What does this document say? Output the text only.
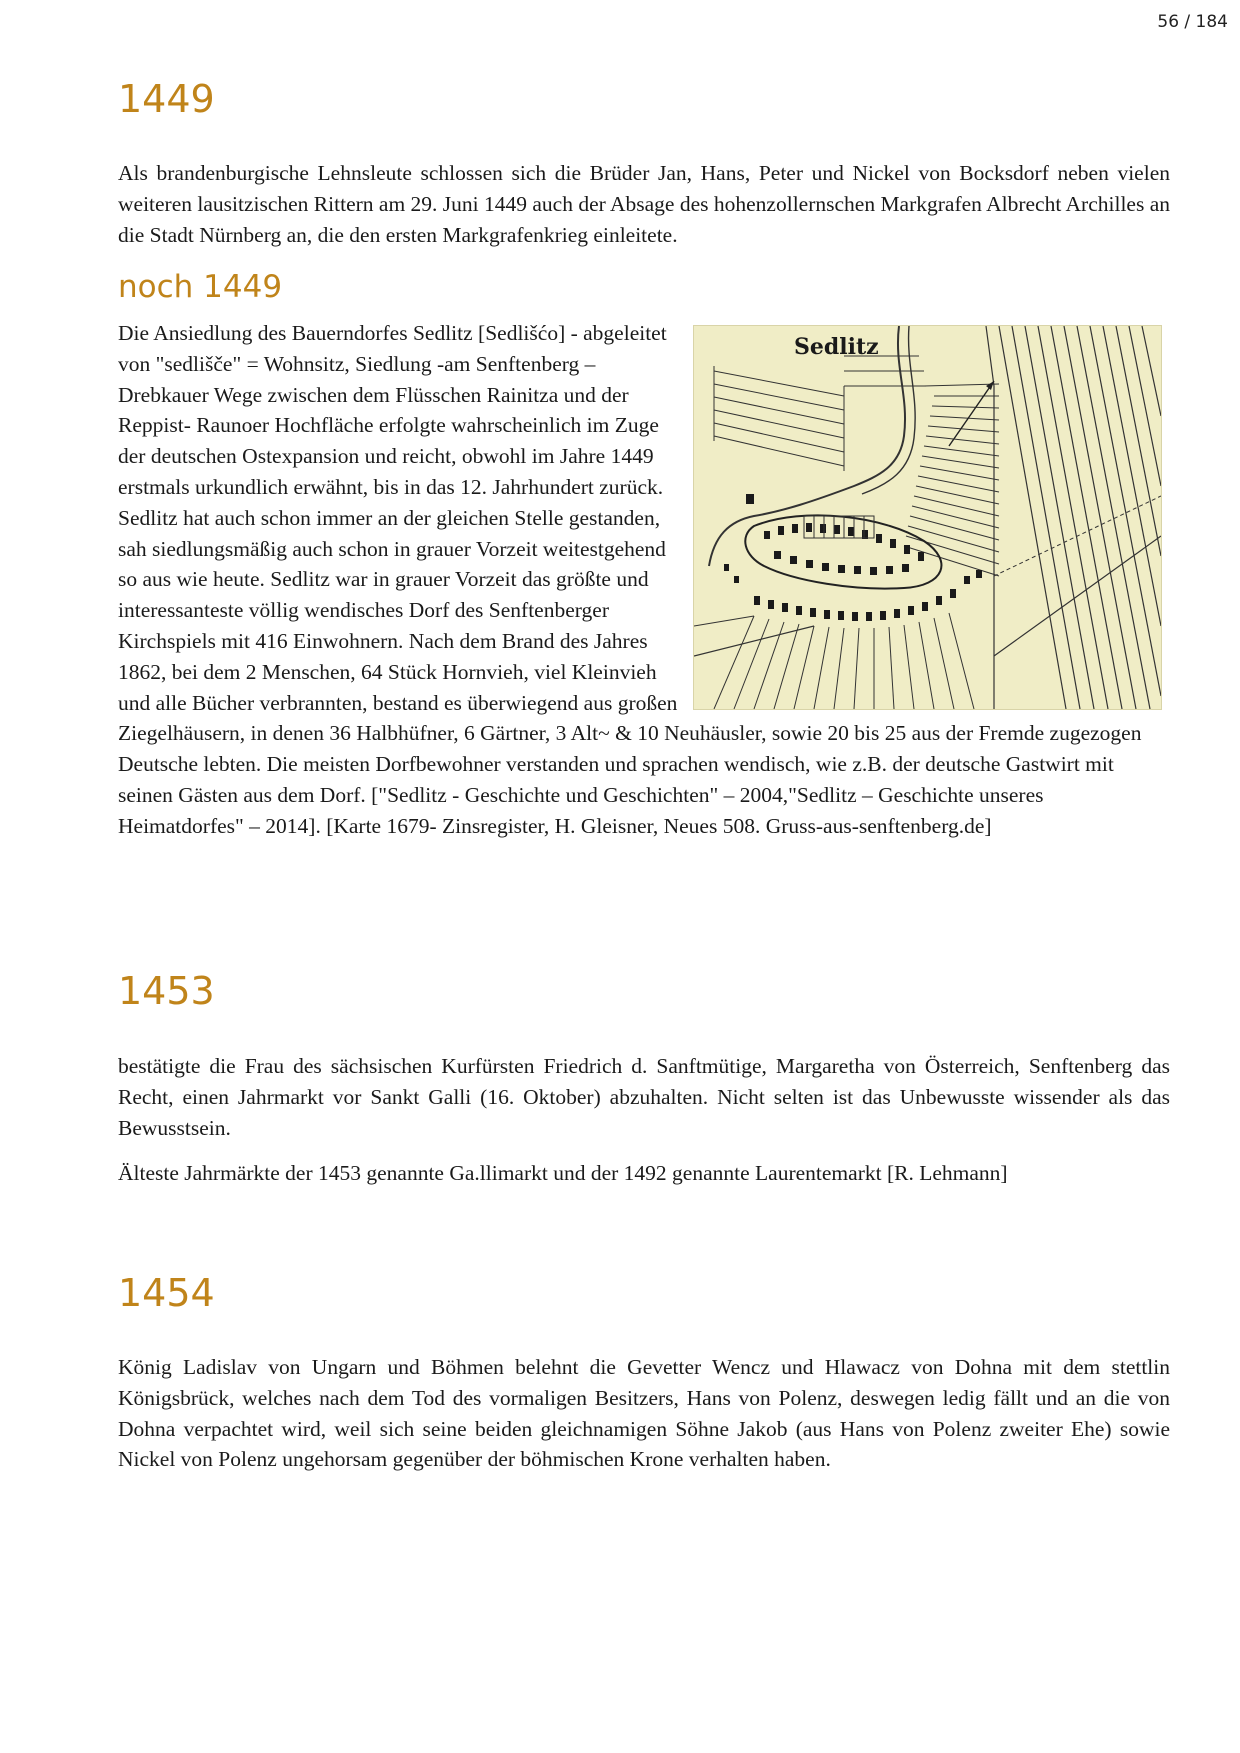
56 / 184
1449

Als brandenburgische Lehnsleute schlossen sich die Brüder Jan, Hans, Peter und Nickel von Bocksdorf neben vielen weiteren lausitzischen Rittern am 29. Juni 1449 auch der Absage des hohenzollernschen Markgrafen Albrecht Archilles an die Stadt Nürnberg an, die den ersten Markgrafenkrieg einleitete.

noch 1449

Die Ansiedlung des Bauerndorfes Sedlitz [Sedlišćo] - abgeleitet von "sedlišče" = Wohnsitz, Siedlung -am Senftenberg – Drebkauer Wege zwischen dem Flüsschen Rainitza und der Reppist- Raunoer Hochfläche erfolgte wahrscheinlich im Zuge der deutschen Ostexpansion und reicht, obwohl im Jahre 1449 erstmals urkundlich erwähnt, bis in das 12. Jahrhundert zurück. Sedlitz hat auch schon immer an der gleichen Stelle gestanden, sah siedlungsmäßig auch schon in grauer Vorzeit weitestgehend so aus wie heute. Sedlitz war in grauer Vorzeit das größte und interessanteste völlig wendisches Dorf des Senftenberger Kirchspiels mit 416 Einwohnern. Nach dem Brand des Jahres 1862, bei dem 2 Menschen, 64 Stück Hornvieh, viel Kleinvieh und alle Bücher verbrannten, bestand es überwiegend aus großen Ziegelhäusern, in denen 36 Halbhüfner, 6 Gärtner, 3 Alt~ & 10 Neuhäusler, sowie 20 bis 25 aus der Fremde zugezogen Deutsche lebten. Die meisten Dorfbewohner verstanden und sprachen wendisch, wie z.B. der deutsche Gastwirt mit seinen Gästen aus dem Dorf. ["Sedlitz - Geschichte und Geschichten" – 2004,"Sedlitz – Geschichte unseres Heimatdorfes" – 2014]. [Karte 1679- Zinsregister, H. Gleisner, Neues 508. Gruss-aus-senftenberg.de]

Sedlitz
1453

bestätigte die Frau des sächsischen Kurfürsten Friedrich d. Sanftmütige, Margaretha von Österreich, Senftenberg das Recht, einen Jahrmarkt vor Sankt Galli (16. Oktober) abzuhalten. Nicht selten ist das Unbewusste wissender als das Bewusstsein.

Älteste Jahrmärkte der 1453 genannte Ga.llimarkt und der 1492 genannte Laurentemarkt [R. Lehmann]

1454

König Ladislav von Ungarn und Böhmen belehnt die Gevetter Wencz und Hlawacz von Dohna mit dem stettlin Königsbrück, welches nach dem Tod des vormaligen Besitzers, Hans von Polenz, deswegen ledig fällt und an die von Dohna verpachtet wird, weil sich seine beiden gleichnamigen Söhne Jakob (aus Hans von Polenz zweiter Ehe) sowie Nickel von Polenz ungehorsam gegenüber der böhmischen Krone verhalten haben.
